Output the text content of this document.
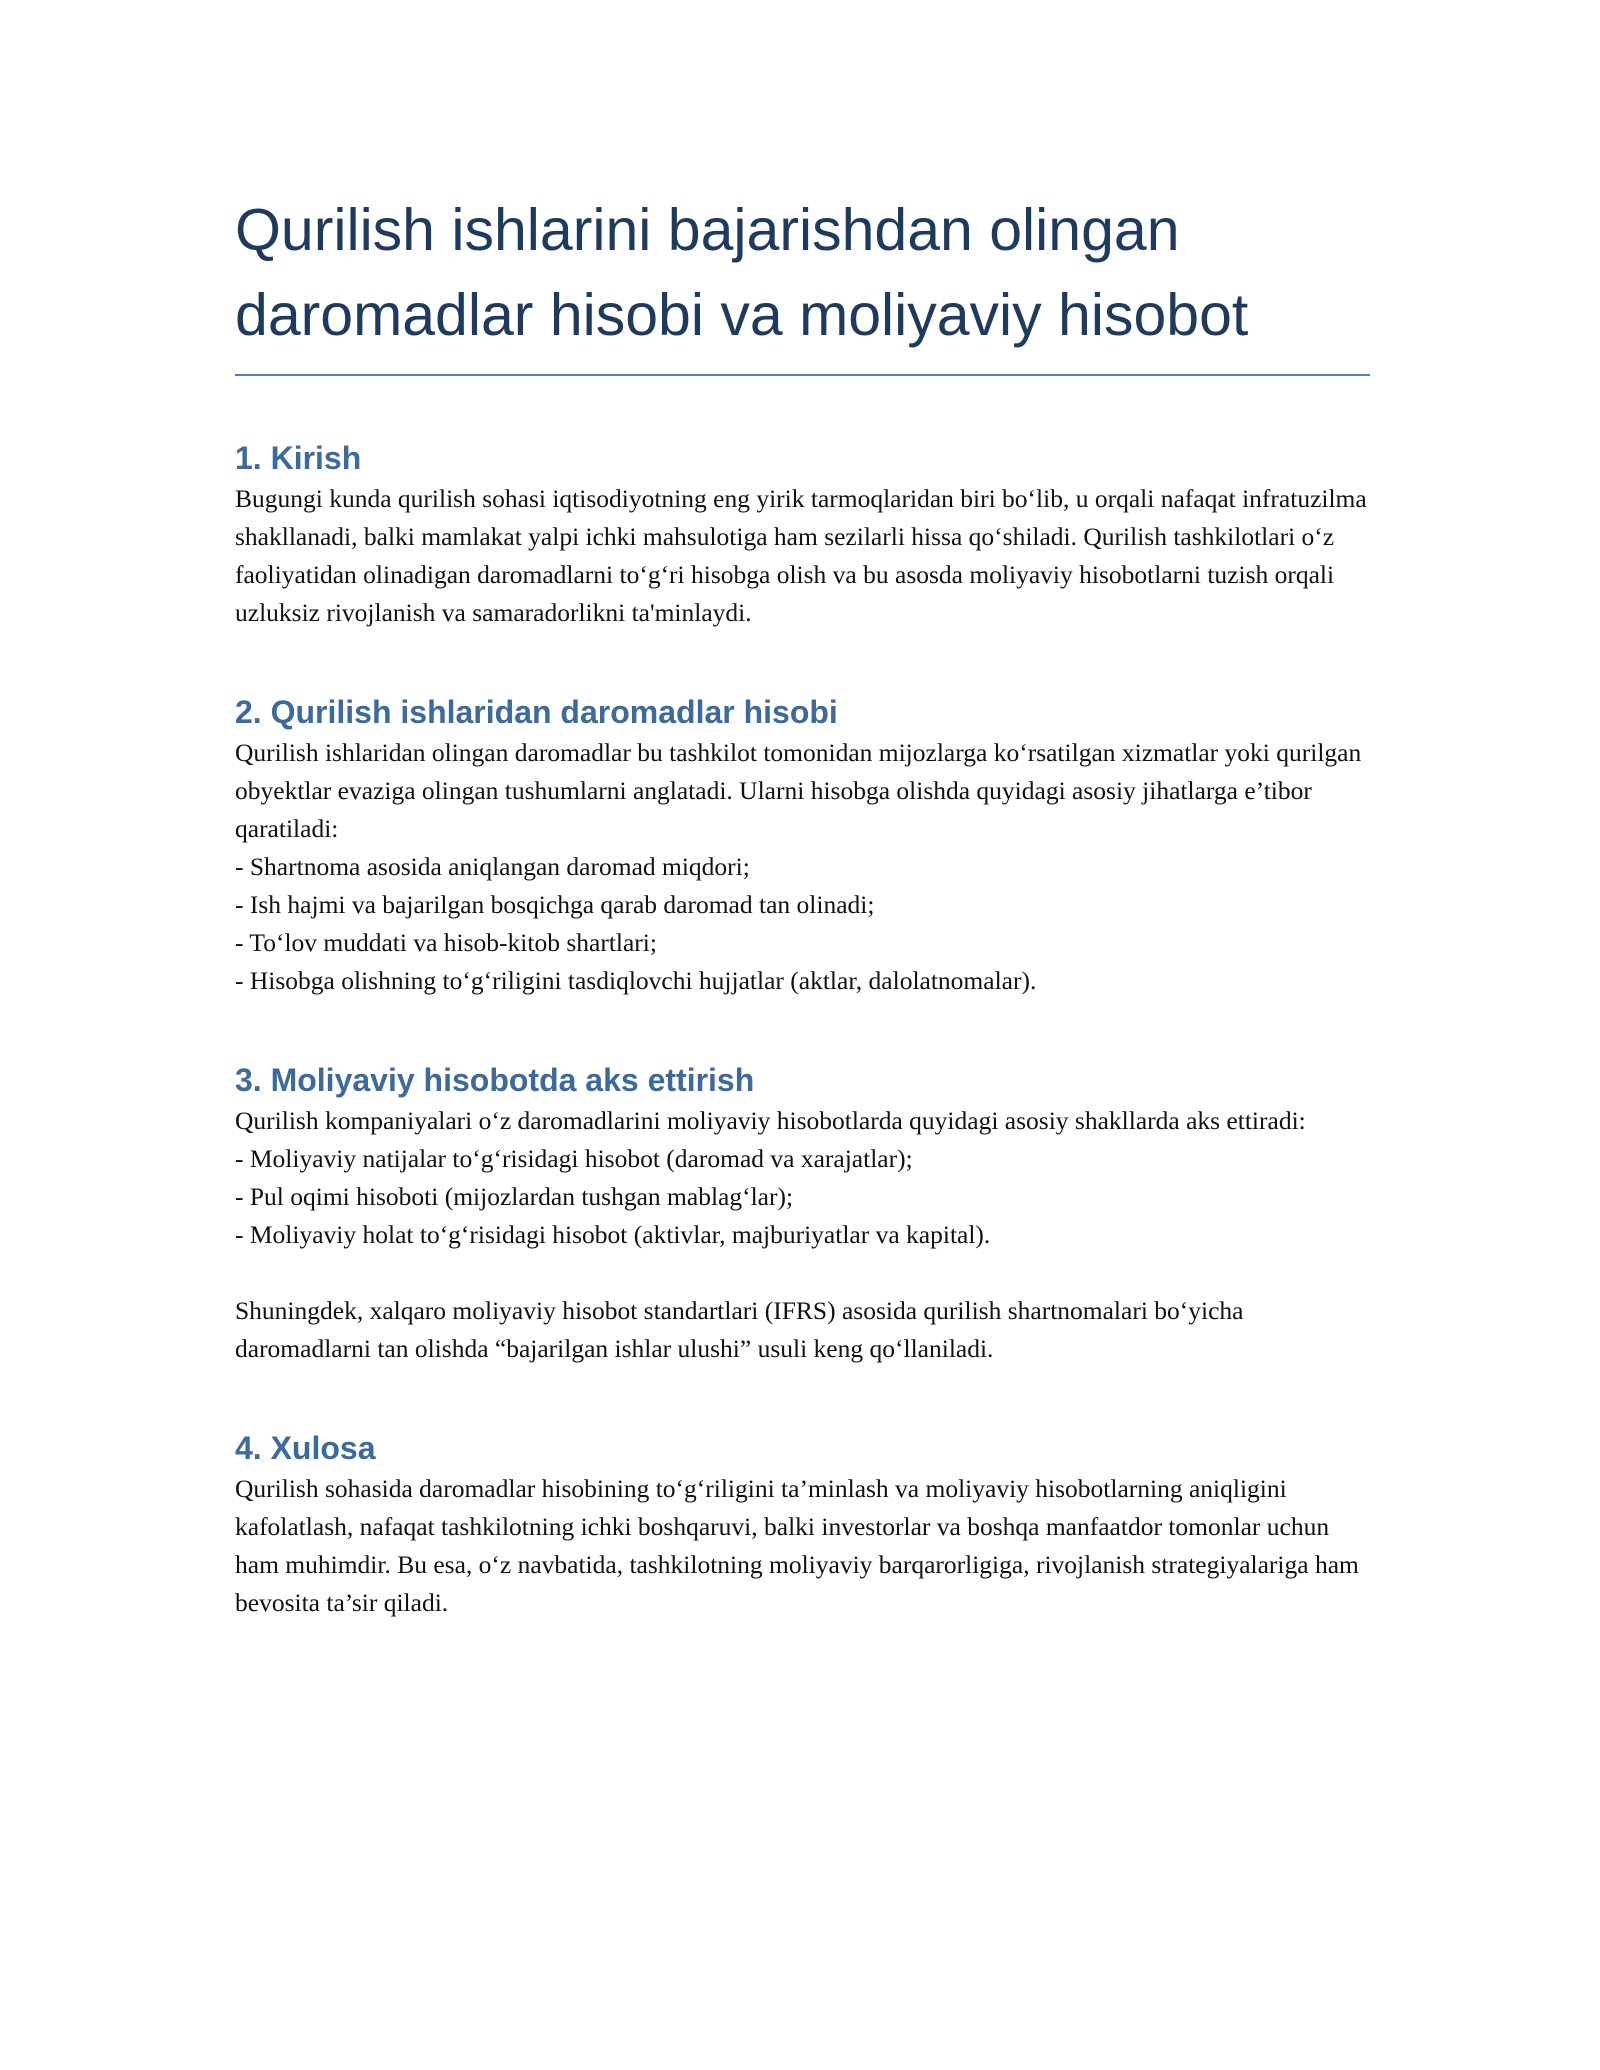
Qurilish ishlarini bajarishdan olingan daromadlar hisobi va moliyaviy hisobot
1. Kirish

Bugungi kunda qurilish sohasi iqtisodiyotning eng yirik tarmoqlaridan biri bo‘lib, u orqali nafaqat infratuzilma shakllanadi, balki mamlakat yalpi ichki mahsulotiga ham sezilarli hissa qo‘shiladi. Qurilish tashkilotlari o‘z faoliyatidan olinadigan daromadlarni to‘g‘ri hisobga olish va bu asosda moliyaviy hisobotlarni tuzish orqali uzluksiz rivojlanish va samaradorlikni ta'minlaydi.

2. Qurilish ishlaridan daromadlar hisobi

Qurilish ishlaridan olingan daromadlar bu tashkilot tomonidan mijozlarga ko‘rsatilgan xizmatlar yoki qurilgan obyektlar evaziga olingan tushumlarni anglatadi. Ularni hisobga olishda quyidagi asosiy jihatlarga e’tibor qaratiladi:

- Shartnoma asosida aniqlangan daromad miqdori;
- Ish hajmi va bajarilgan bosqichga qarab daromad tan olinadi;
- To‘lov muddati va hisob-kitob shartlari;
- Hisobga olishning to‘g‘riligini tasdiqlovchi hujjatlar (aktlar, dalolatnomalar).
3. Moliyaviy hisobotda aks ettirish

Qurilish kompaniyalari o‘z daromadlarini moliyaviy hisobotlarda quyidagi asosiy shakllarda aks ettiradi:

- Moliyaviy natijalar to‘g‘risidagi hisobot (daromad va xarajatlar);
- Pul oqimi hisoboti (mijozlardan tushgan mablag‘lar);
- Moliyaviy holat to‘g‘risidagi hisobot (aktivlar, majburiyatlar va kapital).

Shuningdek, xalqaro moliyaviy hisobot standartlari (IFRS) asosida qurilish shartnomalari bo‘yicha daromadlarni tan olishda “bajarilgan ishlar ulushi” usuli keng qo‘llaniladi.

4. Xulosa

Qurilish sohasida daromadlar hisobining to‘g‘riligini ta’minlash va moliyaviy hisobotlarning aniqligini kafolatlash, nafaqat tashkilotning ichki boshqaruvi, balki investorlar va boshqa manfaatdor tomonlar uchun ham muhimdir. Bu esa, o‘z navbatida, tashkilotning moliyaviy barqarorligiga, rivojlanish strategiyalariga ham bevosita ta’sir qiladi.
